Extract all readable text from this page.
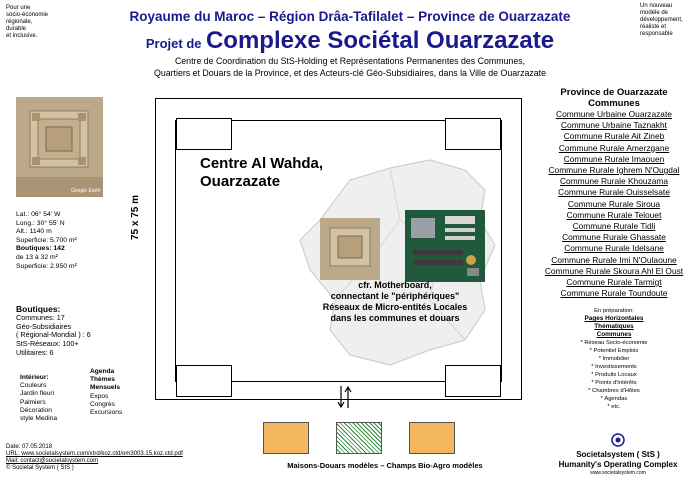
Royaume du Maroc – Région Drâa-Tafilalet – Province de Ouarzazate
Projet de Complexe Sociétal Ouarzazate
Centre de Coordination du StS-Holding et Représentations Permanentes des Communes,
Quartiers et Douars de la Province, et des Acteurs-clé Géo-Subsidiaires, dans la Ville de Ouarzazate
Pour une
socio-économie
régionale,
durable
et inclusive.
Un nouveau
modèle de
développement,
réaliste et
responsable
Google Earth
Lat.: 06° 54' W
Long.: 30° 55' N
Alt.: 1140 m
Superficie: 5.700 m²
Boutiques: 142
de 13 à 32 m²
Superficie: 2.950 m²
Boutiques:
Communes: 17
Géo-Subsidiaires
( Régional-Mondial ) : 6
StS-Réseaux: 100+
Utilitaires: 6
Intérieur:
Couleurs
Jardin fleuri
Palmiers
Décoration
style Medina
Agenda
Thèmes
Mensuels
Expos
Congrès
Excursions
Centre Al Wahda,
Ouarzazate
75 x 75 m
cfr. Motherboard,
connectant le "périphériques"
Réseaux de Micro-entités Locales
dans les communes et douars
Maisons-Douars modèles – Champs Bio-Agro modèles
Province de Ouarzazate
Communes
Commune Urbaine Ouarzazate
Commune Urbaine Taznakht
Commune Rurale Ait Zineb
Commune Rurale Amerzgane
Commune Rurale Imaouen
Commune Rurale Ighrem N'Ougdal
Commune Rurale Khouzama
Commune Rurale Ouisselsate
Commune Rurale Siroua
Commune Rurale Telouet
Commune Rurale Tidli
Commune Rurale Ghassate
Commune Rurale Idelsane
Commune Rurale Imi N'Oulaoune
Commune Rurale Skoura Ahl El Oust
Commune Rurale Tarmigt
Commune Rurale Toundoute
En préparation:
Pages Horizontales
Thématiques
Communes
* Réseau Socio-économie
* Potentiel Emplois
* Immobilier
* Investissements
* Produits Locaux
* Points d'Intérêts
* Chambres d'Hôtes
* Agendas
* etc.
Date: 07.05.2018
URL: www.societalsystem.com/xtrd/koz.ctd/om3003.15.koz.ctd.pdf
Mail: contact@societalsystem.com
© Societal System ( StS )
Societalsystem ( StS )
Humanity's Operating Complex
www.societalsystem.com
